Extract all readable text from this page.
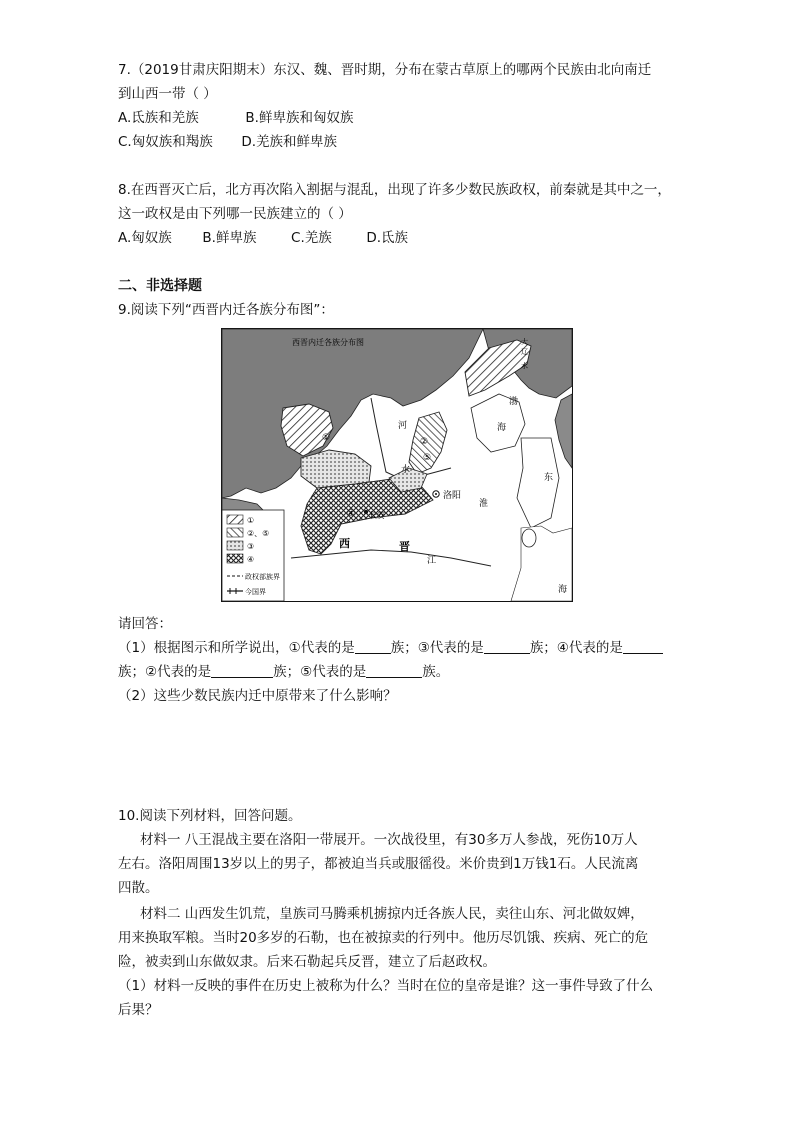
7.（2019甘肃庆阳期末）东汉、魏、晋时期，分布在蒙古草原上的哪两个民族由北向南迁
到山西一带（ ）
A.氐族和羌族	B.鲜卑族和匈奴族
C.匈奴族和羯族 D.羌族和鲜卑族
8.在西晋灭亡后，北方再次陷入割据与混乱，出现了许多少数民族政权，前秦就是其中之一，
这一政权是由下列哪一民族建立的（ ）
A.匈奴族 B.鲜卑族	C.羌族	D.氐族
二、非选择题
9.阅读下列“西晋内迁各族分布图”：
西晋内迁各族分布图
①	②
⑤
④
河
水
洛阳
长安
西	晋
江
淮
海
渤
东
海
大
辽
水
①
②、⑤
③
④
政权部族界
今国界
请回答：
（1）根据图示和所学说出，①代表的是	族；③代表的是	族；④代表的是
族；②代表的是	族；⑤代表的是	族。
（2）这些少数民族内迁中原带来了什么影响？
10.阅读下列材料，回答问题。
材料一 八王混战主要在洛阳一带展开。一次战役里，有30多万人参战，死伤10万人
左右。洛阳周围13岁以上的男子，都被迫当兵或服徭役。米价贵到1万钱1石。人民流离
四散。
材料二 山西发生饥荒，皇族司马腾乘机掳掠内迁各族人民，卖往山东、河北做奴婢，
用来换取军粮。当时20多岁的石勒，也在被掠卖的行列中。他历尽饥饿、疾病、死亡的危
险，被卖到山东做奴隶。后来石勒起兵反晋，建立了后赵政权。
（1）材料一反映的事件在历史上被称为什么？当时在位的皇帝是谁？这一事件导致了什么
后果？
